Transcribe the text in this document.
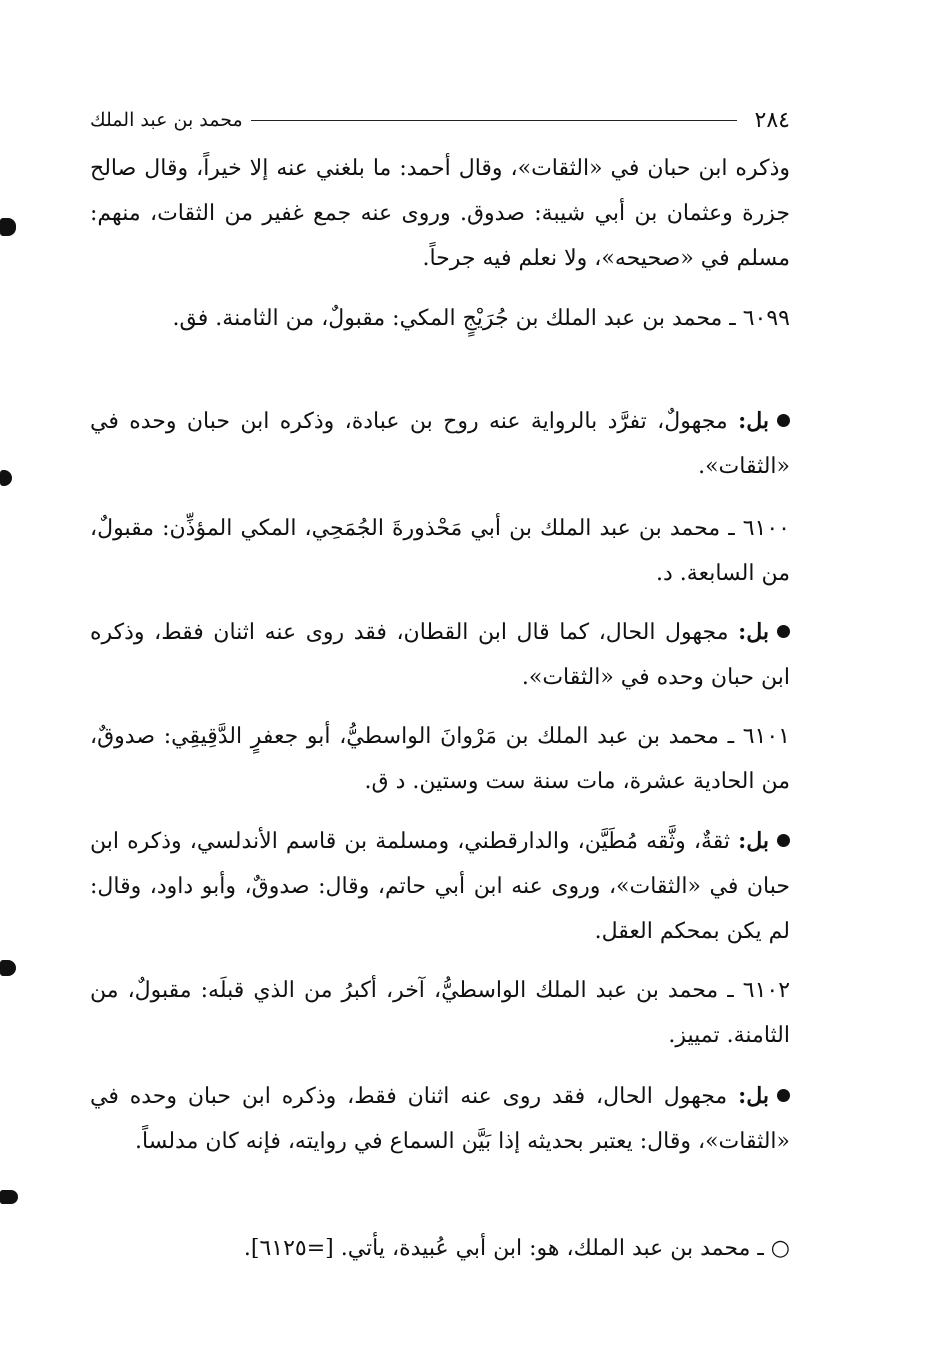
٢٨٤
محمد بن عبد الملك

وذكره ابن حبان في «الثقات»، وقال أحمد: ما بلغني عنه إلا خيراً، وقال صالح جزرة وعثمان بن أبي شيبة: صدوق. وروى عنه جمع غفير من الثقات، منهم: مسلم في «صحيحه»، ولا نعلم فيه جرحاً.

٦٠٩٩ ـ محمد بن عبد الملك بن جُرَيْجٍ المكي: مقبولٌ، من الثامنة. فق.

بل: مجهولٌ، تفرَّد بالرواية عنه روح بن عبادة، وذكره ابن حبان وحده في «الثقات».

٦١٠٠ ـ محمد بن عبد الملك بن أبي مَحْذورةَ الجُمَحِي، المكي المؤذِّن: مقبولٌ، من السابعة. د.

بل: مجهول الحال، كما قال ابن القطان، فقد روى عنه اثنان فقط، وذكره ابن حبان وحده في «الثقات».

٦١٠١ ـ محمد بن عبد الملك بن مَرْوانَ الواسطيُّ، أبو جعفرٍ الدَّقِيقِي: صدوقٌ، من الحادية عشرة، مات سنة ست وستين. د ق.

بل: ثقةٌ، وثَّقه مُطَيَّن، والدارقطني، ومسلمة بن قاسم الأندلسي، وذكره ابن حبان في «الثقات»، وروى عنه ابن أبي حاتم، وقال: صدوقٌ، وأبو داود، وقال: لم يكن بمحكم العقل.

٦١٠٢ ـ محمد بن عبد الملك الواسطيُّ، آخر، أكبرُ من الذي قبلَه: مقبولٌ، من الثامنة. تمييز.

بل: مجهول الحال، فقد روى عنه اثنان فقط، وذكره ابن حبان وحده في «الثقات»، وقال: يعتبر بحديثه إذا بَيَّن السماع في روايته، فإنه كان مدلساً.

○ ـ محمد بن عبد الملك، هو: ابن أبي عُبيدة، يأتي. [=٦١٢٥].
